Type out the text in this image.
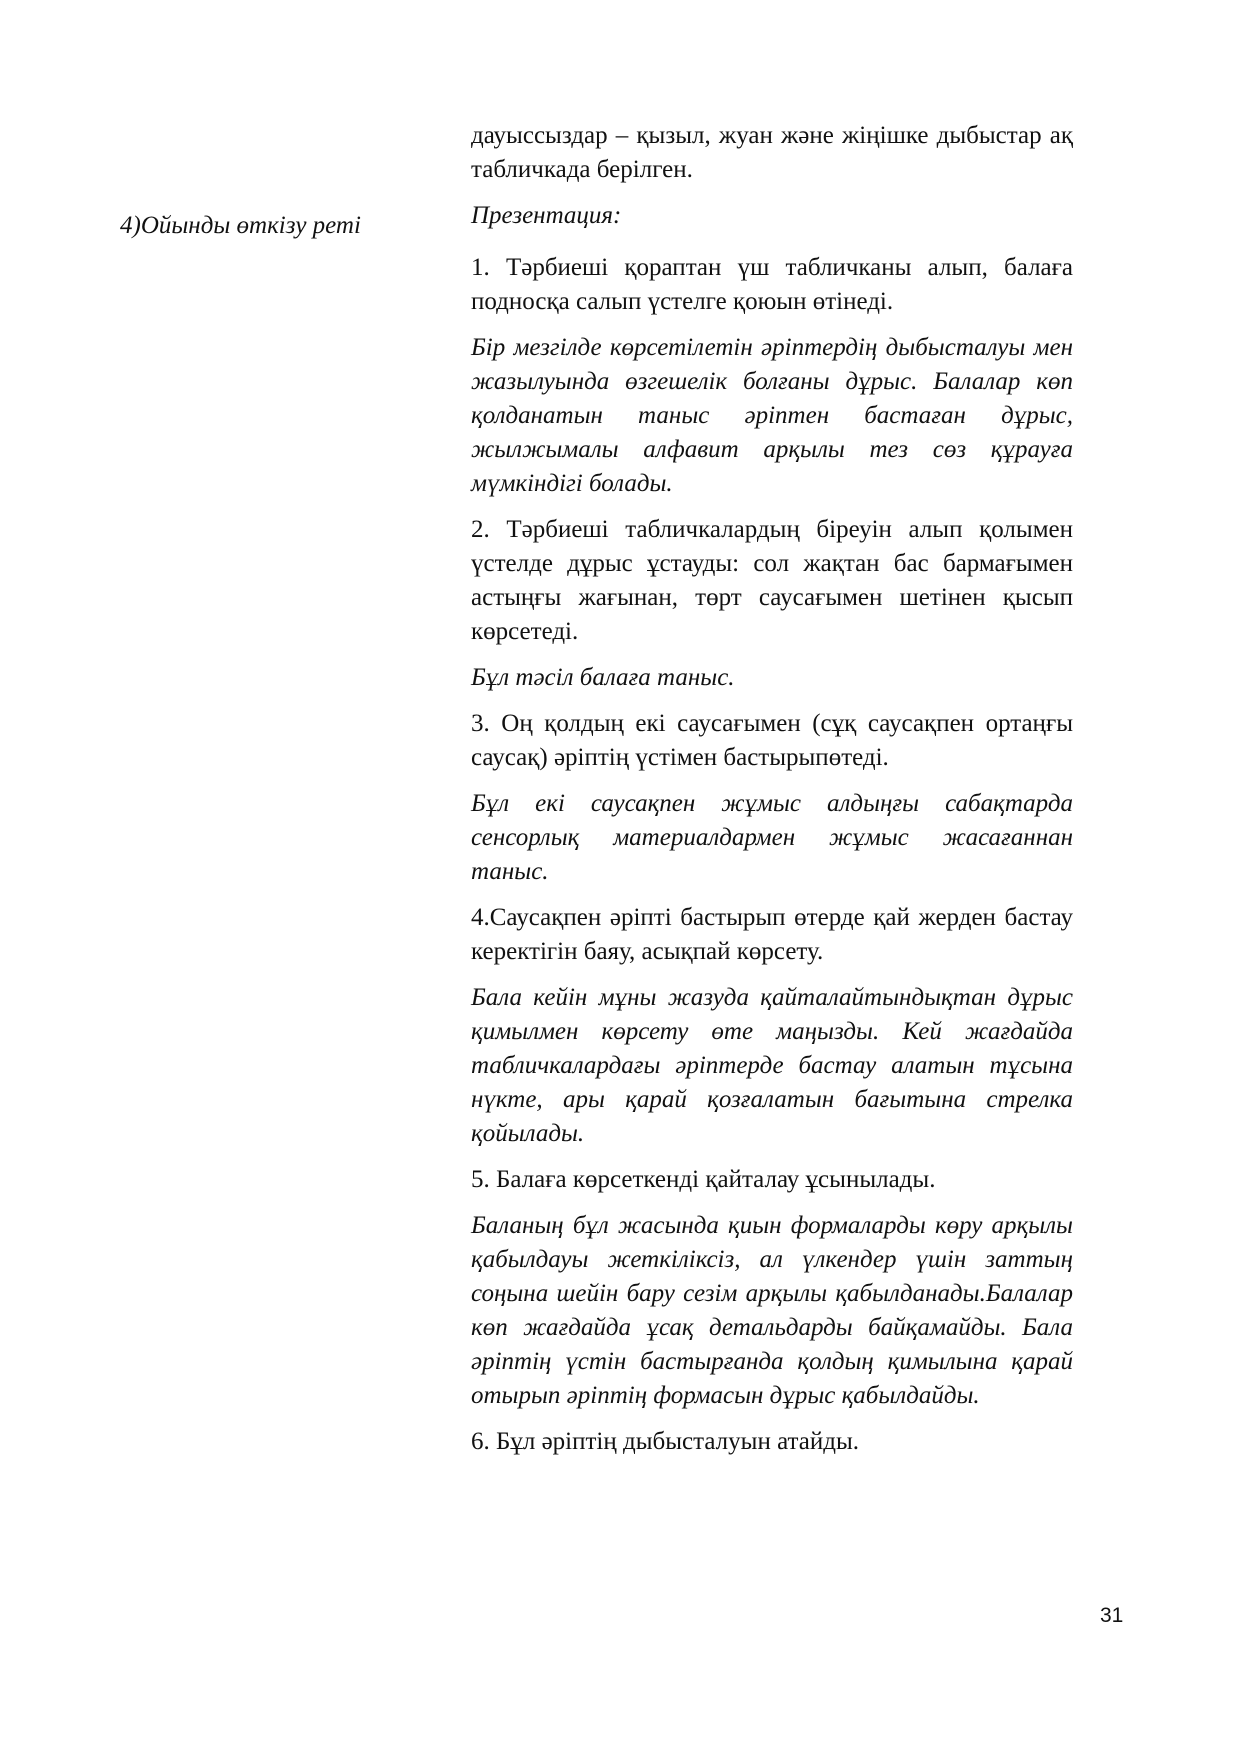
4)Ойынды өткізу реті

дауыссыздар – қызыл, жуан және жіңішке дыбыстар ақ табличкада берілген.

Презентация:

1. Тәрбиеші қораптан үш табличканы алып, балаға подносқа салып үстелге қоюын өтінеді.

Бір мезгілде көрсетілетін әріптердің дыбысталуы мен жазылуында өзгешелік болғаны дұрыс. Балалар көп қолданатын таныс әріптен бастаған дұрыс, жылжымалы алфавит арқылы тез сөз құрауға мүмкіндігі болады.

2. Тәрбиеші табличкалардың біреуін алып қолымен үстелде дұрыс ұстауды: сол жақтан бас бармағымен астыңғы жағынан, төрт саусағымен шетінен қысып көрсетеді.

Бұл тәсіл балаға таныс.

3. Оң қолдың екі саусағымен (сұқ саусақпен ортаңғы саусақ) әріптің үстімен бастырыпөтеді.

Бұл екі саусақпен жұмыс алдыңғы сабақтарда сенсорлық материалдармен жұмыс жасағаннан таныс.

4.Саусақпен әріпті бастырып өтерде қай жерден бастау керектігін баяу, асықпай көрсету.

Бала кейін мұны жазуда қайталайтындықтан дұрыс қимылмен көрсету өте маңызды. Кей жағдайда табличкалардағы әріптерде бастау алатын тұсына нүкте, ары қарай қозғалатын бағытына стрелка қойылады.

5. Балаға көрсеткенді қайталау ұсынылады.

Баланың бұл жасында қиын формаларды көру арқылы қабылдауы жеткіліксіз, ал үлкендер үшін заттың соңына шейін бару сезім арқылы қабылданады.Балалар көп жағдайда ұсақ детальдарды байқамайды. Бала әріптің үстін бастырғанда қолдың қимылына қарай отырып әріптің формасын дұрыс қабылдайды.

6. Бұл әріптің дыбысталуын атайды.

31
